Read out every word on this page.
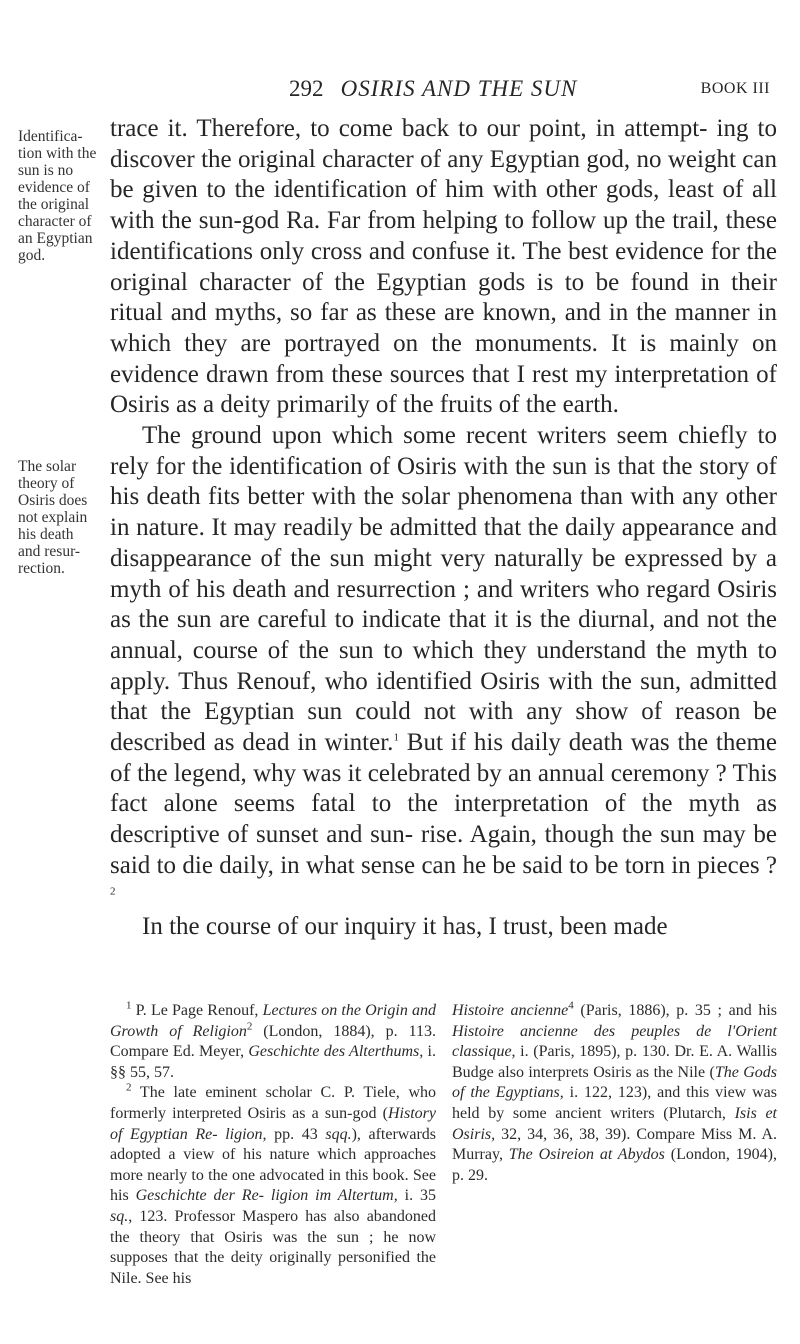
292 OSIRIS AND THE SUN	BOOK III
Identifica- tion with the sun is no evidence of the original character of an Egyptian god.
The solar theory of Osiris does not explain his death and resur- rection.

trace it. Therefore, to come back to our point, in attempt- ing to discover the original character of any Egyptian god, no weight can be given to the identification of him with other gods, least of all with the sun-god Ra. Far from helping to follow up the trail, these identifications only cross and confuse it. The best evidence for the original character of the Egyptian gods is to be found in their ritual and myths, so far as these are known, and in the manner in which they are portrayed on the monuments. It is mainly on evidence drawn from these sources that I rest my interpretation of Osiris as a deity primarily of the fruits of the earth.

The ground upon which some recent writers seem chiefly to rely for the identification of Osiris with the sun is that the story of his death fits better with the solar phenomena than with any other in nature. It may readily be admitted that the daily appearance and disappearance of the sun might very naturally be expressed by a myth of his death and resurrection ; and writers who regard Osiris as the sun are careful to indicate that it is the diurnal, and not the annual, course of the sun to which they understand the myth to apply. Thus Renouf, who identified Osiris with the sun, admitted that the Egyptian sun could not with any show of reason be described as dead in winter.$^1$ But if his daily death was the theme of the legend, why was it celebrated by an annual ceremony ? This fact alone seems fatal to the interpretation of the myth as descriptive of sunset and sun- rise. Again, though the sun may be said to die daily, in what sense can he be said to be torn in pieces ? $^2$

In the course of our inquiry it has, I trust, been made

$^1$ P. Le Page Renouf, Lectures on the Origin and Growth of Religion$^2$ (London, 1884), p. 113. Compare Ed. Meyer, Geschichte des Alterthums, i. §§ 55, 57.

$^2$ The late eminent scholar C. P. Tiele, who formerly interpreted Osiris as a sun-god (History of Egyptian Re- ligion, pp. 43 sqq.), afterwards adopted a view of his nature which approaches more nearly to the one advocated in this book. See his Geschichte der Re- ligion im Altertum, i. 35 sq., 123. Professor Maspero has also abandoned the theory that Osiris was the sun ; he now supposes that the deity originally personified the Nile. See his

Histoire ancienne$^4$ (Paris, 1886), p. 35 ; and his Histoire ancienne des peuples de l'Orient classique, i. (Paris, 1895), p. 130. Dr. E. A. Wallis Budge also interprets Osiris as the Nile (The Gods of the Egyptians, i. 122, 123), and this view was held by some ancient writers (Plutarch, Isis et Osiris, 32, 34, 36, 38, 39). Compare Miss M. A. Murray, The Osireion at Abydos (London, 1904), p. 29.
